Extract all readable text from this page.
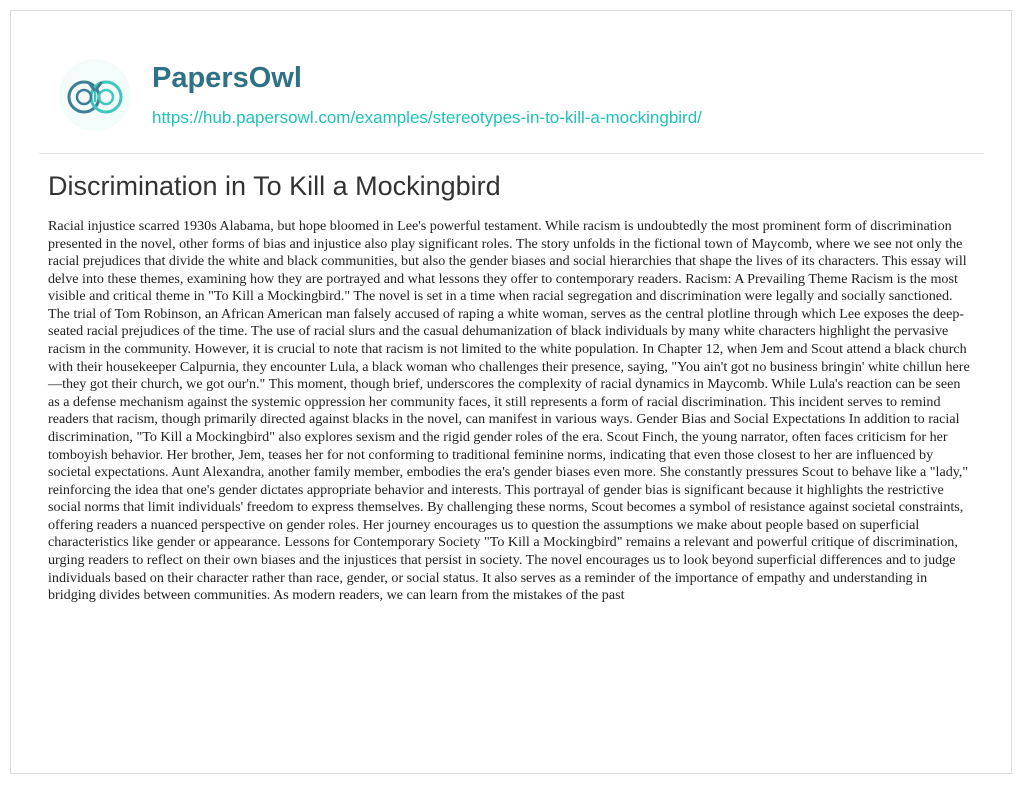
PapersOwl
https://hub.papersowl.com/examples/stereotypes-in-to-kill-a-mockingbird/
Discrimination in To Kill a Mockingbird

Racial injustice scarred 1930s Alabama, but hope bloomed in Lee's powerful testament. While racism is undoubtedly the most prominent form of discrimination presented in the novel, other forms of bias and injustice also play significant roles. The story unfolds in the fictional town of Maycomb, where we see not only the racial prejudices that divide the white and black communities, but also the gender biases and social hierarchies that shape the lives of its characters. This essay will delve into these themes, examining how they are portrayed and what lessons they offer to contemporary readers. Racism: A Prevailing Theme Racism is the most visible and critical theme in "To Kill a Mockingbird." The novel is set in a time when racial segregation and discrimination were legally and socially sanctioned. The trial of Tom Robinson, an African American man falsely accused of raping a white woman, serves as the central plotline through which Lee exposes the deep-seated racial prejudices of the time. The use of racial slurs and the casual dehumanization of black individuals by many white characters highlight the pervasive racism in the community. However, it is crucial to note that racism is not limited to the white population. In Chapter 12, when Jem and Scout attend a black church with their housekeeper Calpurnia, they encounter Lula, a black woman who challenges their presence, saying, "You ain't got no business bringin' white chillun here—they got their church, we got our'n." This moment, though brief, underscores the complexity of racial dynamics in Maycomb. While Lula's reaction can be seen as a defense mechanism against the systemic oppression her community faces, it still represents a form of racial discrimination. This incident serves to remind readers that racism, though primarily directed against blacks in the novel, can manifest in various ways. Gender Bias and Social Expectations In addition to racial discrimination, "To Kill a Mockingbird" also explores sexism and the rigid gender roles of the era. Scout Finch, the young narrator, often faces criticism for her tomboyish behavior. Her brother, Jem, teases her for not conforming to traditional feminine norms, indicating that even those closest to her are influenced by societal expectations. Aunt Alexandra, another family member, embodies the era's gender biases even more. She constantly pressures Scout to behave like a "lady," reinforcing the idea that one's gender dictates appropriate behavior and interests. This portrayal of gender bias is significant because it highlights the restrictive social norms that limit individuals' freedom to express themselves. By challenging these norms, Scout becomes a symbol of resistance against societal constraints, offering readers a nuanced perspective on gender roles. Her journey encourages us to question the assumptions we make about people based on superficial characteristics like gender or appearance. Lessons for Contemporary Society "To Kill a Mockingbird" remains a relevant and powerful critique of discrimination, urging readers to reflect on their own biases and the injustices that persist in society. The novel encourages us to look beyond superficial differences and to judge individuals based on their character rather than race, gender, or social status. It also serves as a reminder of the importance of empathy and understanding in bridging divides between communities. As modern readers, we can learn from the mistakes of the past
